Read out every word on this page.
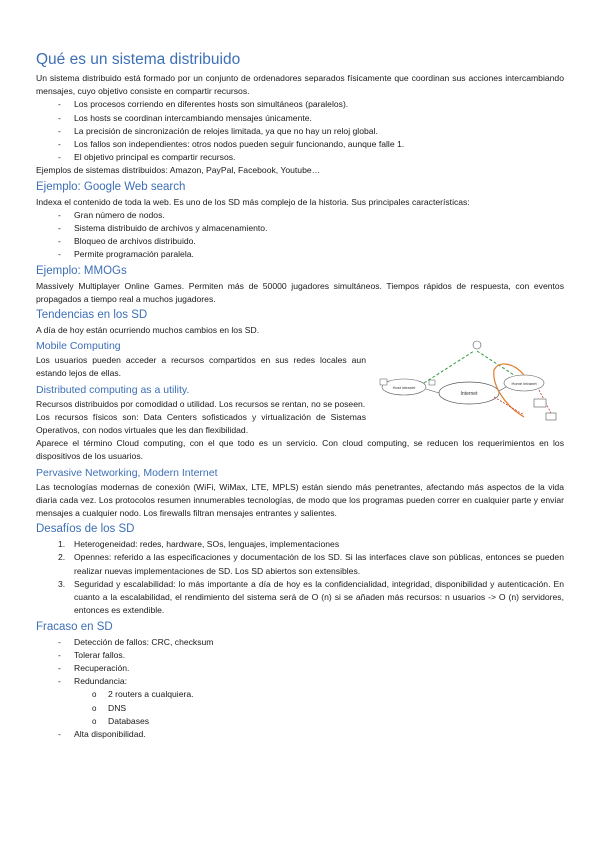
Qué es un sistema distribuido

Un sistema distribuido está formado por un conjunto de ordenadores separados físicamente que coordinan sus acciones intercambiando mensajes, cuyo objetivo consiste en compartir recursos.

- Los procesos corriendo en diferentes hosts son simultáneos (paralelos).
- Los hosts se coordinan intercambiando mensajes únicamente.
- La precisión de sincronización de relojes limitada, ya que no hay un reloj global.
- Los fallos son independientes: otros nodos pueden seguir funcionando, aunque falle 1.
- El objetivo principal es compartir recursos.

Ejemplos de sistemas distribuidos: Amazon, PayPal, Facebook, Youtube…

Ejemplo: Google Web search

Indexa el contenido de toda la web. Es uno de los SD más complejo de la historia. Sus principales características:

- Gran número de nodos.
- Sistema distribuido de archivos y almacenamiento.
- Bloqueo de archivos distribuido.
- Permite programación paralela.
Ejemplo: MMOGs

Massively Multiplayer Online Games. Permiten más de 50000 jugadores simultáneos. Tiempos rápidos de respuesta, con eventos propagados a tiempo real a muchos jugadores.

Tendencias en los SD

A día de hoy están ocurriendo muchos cambios en los SD.

Internet
Host intranet
Home intranet
Mobile Computing

Los usuarios pueden acceder a recursos compartidos en sus redes locales aun estando lejos de ellas.

Distributed computing as a utility.

Recursos distribuidos por comodidad o utilidad. Los recursos se rentan, no se poseen.

Los recursos físicos son: Data Centers sofisticados y virtualización de Sistemas Operativos, con nodos virtuales que les dan flexibilidad.

Aparece el término Cloud computing, con el que todo es un servicio. Con cloud computing, se reducen los requerimientos en los dispositivos de los usuarios.

Pervasive Networking, Modern Internet

Las tecnologías modernas de conexión (WiFi, WiMax, LTE, MPLS) están siendo más penetrantes, afectando más aspectos de la vida diaria cada vez. Los protocolos resumen innumerables tecnologías, de modo que los programas pueden correr en cualquier parte y enviar mensajes a cualquier nodo. Los firewalls filtran mensajes entrantes y salientes.

Desafíos de los SD
1. Heterogeneidad: redes, hardware, SOs, lenguajes, implementaciones
2. Opennes: referido a las especificaciones y documentación de los SD. Si las interfaces clave son públicas, entonces se pueden realizar nuevas implementaciones de SD. Los SD abiertos son extensibles.
3. Seguridad y escalabilidad: lo más importante a día de hoy es la confidencialidad, integridad, disponibilidad y autenticación. En cuanto a la escalabilidad, el rendimiento del sistema será de O (n) si se añaden más recursos: n usuarios -> O (n) servidores, entonces es extendible.
Fracaso en SD
- Detección de fallos: CRC, checksum
- Tolerar fallos.
- Recuperación.
- Redundancia:
o 2 routers a cualquiera.
o DNS
o Databases
- Alta disponibilidad.
